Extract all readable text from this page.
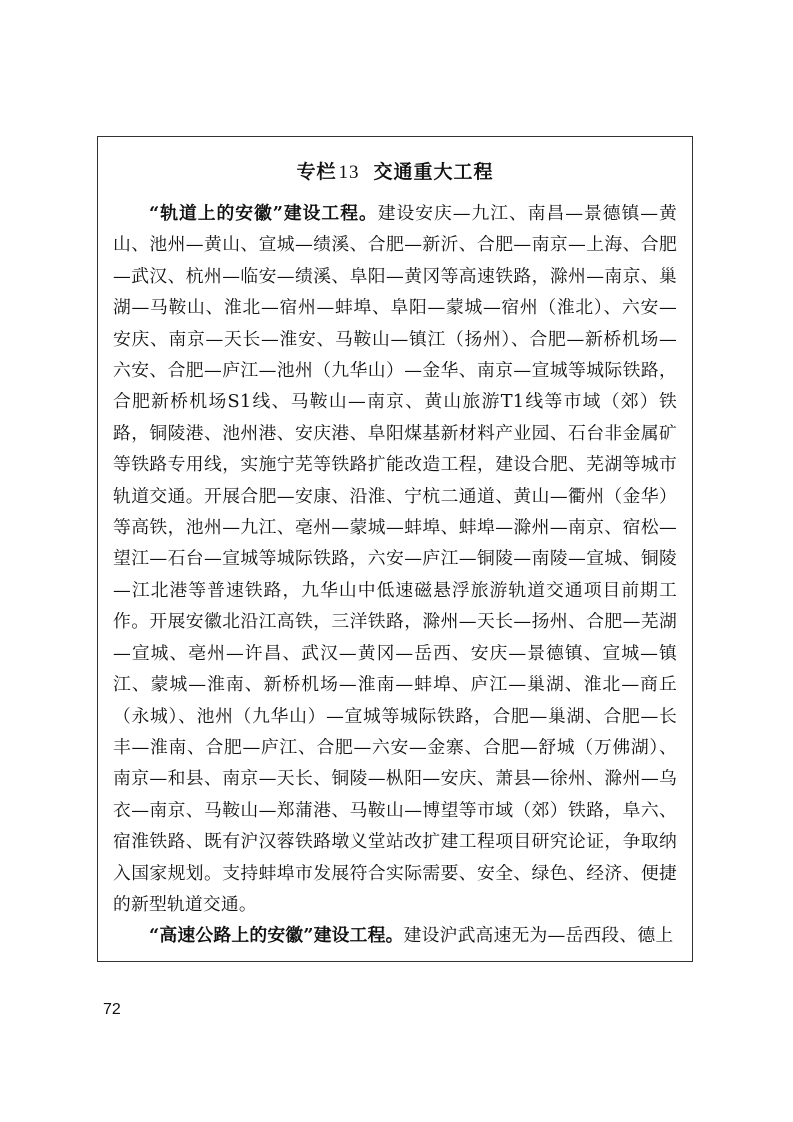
专栏 13 交通重大工程

“轨道上的安徽”建设工程。建设安庆—九江、南昌—景德镇—黄山、池州—黄山、宣城—绩溪、合肥—新沂、合肥—南京—上海、合肥—武汉、杭州—临安—绩溪、阜阳—黄冈等高速铁路，滁州—南京、巢湖—马鞍山、淮北—宿州—蚌埠、阜阳—蒙城—宿州（淮北）、六安—安庆、南京—天长—淮安、马鞍山—镇江（扬州）、合肥—新桥机场—六安、合肥—庐江—池州（九华山）—金华、南京—宣城等城际铁路，合肥新桥机场S1线、马鞍山—南京、黄山旅游T1线等市域（郊）铁路，铜陵港、池州港、安庆港、阜阳煤基新材料产业园、石台非金属矿等铁路专用线，实施宁芜等铁路扩能改造工程，建设合肥、芜湖等城市轨道交通。开展合肥—安康、沿淮、宁杭二通道、黄山—衢州（金华）等高铁，池州—九江、亳州—蒙城—蚌埠、蚌埠—滁州—南京、宿松—望江—石台—宣城等城际铁路，六安—庐江—铜陵—南陵—宣城、铜陵—江北港等普速铁路，九华山中低速磁悬浮旅游轨道交通项目前期工作。开展安徽北沿江高铁，三洋铁路，滁州—天长—扬州、合肥—芜湖—宣城、亳州—许昌、武汉—黄冈—岳西、安庆—景德镇、宣城—镇江、蒙城—淮南、新桥机场—淮南—蚌埠、庐江—巢湖、淮北—商丘（永城）、池州（九华山）—宣城等城际铁路，合肥—巢湖、合肥—长丰—淮南、合肥—庐江、合肥—六安—金寨、合肥—舒城（万佛湖）、南京—和县、南京—天长、铜陵—枞阳—安庆、萧县—徐州、滁州—乌衣—南京、马鞍山—郑蒲港、马鞍山—博望等市域（郊）铁路，阜六、宿淮铁路、既有沪汉蓉铁路墩义堂站改扩建工程项目研究论证，争取纳入国家规划。支持蚌埠市发展符合实际需要、安全、绿色、经济、便捷的新型轨道交通。

“高速公路上的安徽”建设工程。建设沪武高速无为—岳西段、德上

72
